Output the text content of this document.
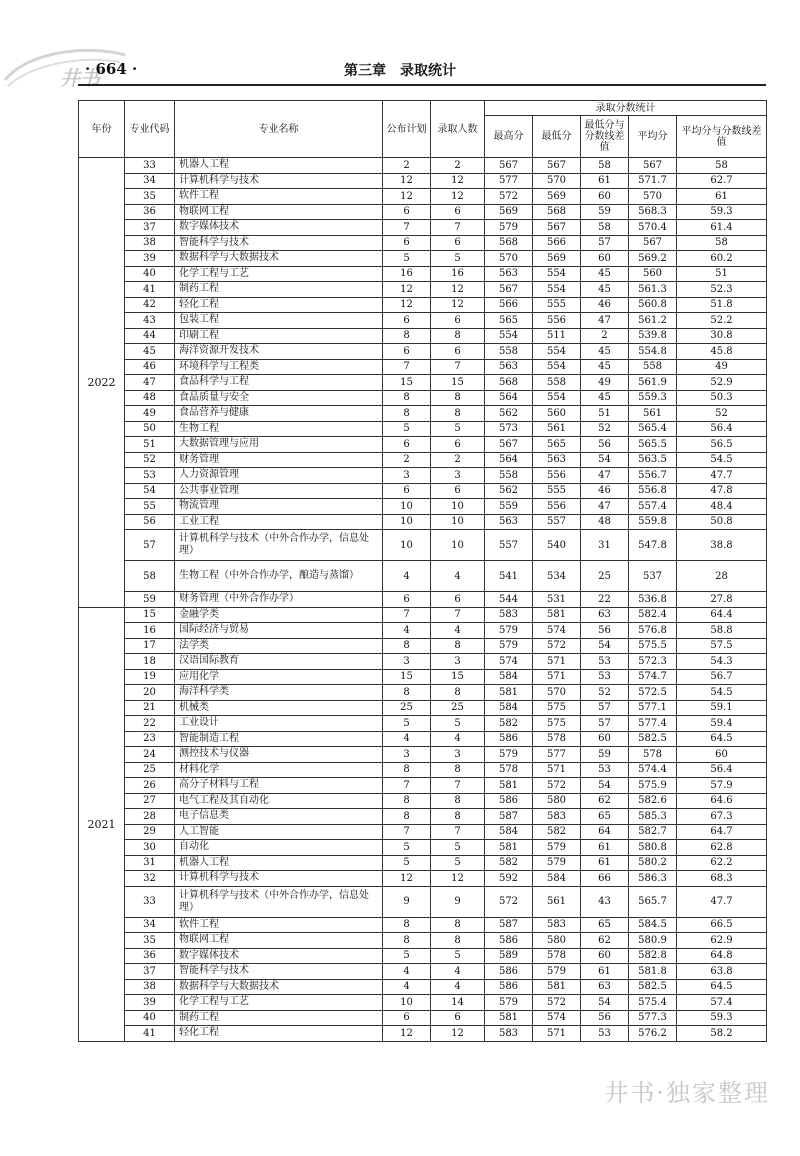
井书
· 664 ·	第三章　录取统计
年份	专业代码	专业名称	公布计划	录取人数	录取分数统计				
					最高分	最低分	最低分与分数线差值	平均分	平均分与分数线差值
2022	33	机器人工程	2	2	567	567	58	567	58
	34	计算机科学与技术	12	12	577	570	61	571.7	62.7
	35	软件工程	12	12	572	569	60	570	61
	36	物联网工程	6	6	569	568	59	568.3	59.3
	37	数字媒体技术	7	7	579	567	58	570.4	61.4
	38	智能科学与技术	6	6	568	566	57	567	58
	39	数据科学与大数据技术	5	5	570	569	60	569.2	60.2
	40	化学工程与工艺	16	16	563	554	45	560	51
	41	制药工程	12	12	567	554	45	561.3	52.3
	42	轻化工程	12	12	566	555	46	560.8	51.8
	43	包装工程	6	6	565	556	47	561.2	52.2
	44	印刷工程	8	8	554	511	2	539.8	30.8
	45	海洋资源开发技术	6	6	558	554	45	554.8	45.8
	46	环境科学与工程类	7	7	563	554	45	558	49
	47	食品科学与工程	15	15	568	558	49	561.9	52.9
	48	食品质量与安全	8	8	564	554	45	559.3	50.3
	49	食品营养与健康	8	8	562	560	51	561	52
	50	生物工程	5	5	573	561	52	565.4	56.4
	51	大数据管理与应用	6	6	567	565	56	565.5	56.5
	52	财务管理	2	2	564	563	54	563.5	54.5
	53	人力资源管理	3	3	558	556	47	556.7	47.7
	54	公共事业管理	6	6	562	555	46	556.8	47.8
	55	物流管理	10	10	559	556	47	557.4	48.4
	56	工业工程	10	10	563	557	48	559.8	50.8
	57	计算机科学与技术（中外合作办学，信息处理）	10	10	557	540	31	547.8	38.8
	58	生物工程（中外合作办学，酿造与蒸馏）	4	4	541	534	25	537	28
	59	财务管理（中外合作办学）	6	6	544	531	22	536.8	27.8
2021	15	金融学类	7	7	583	581	63	582.4	64.4
	16	国际经济与贸易	4	4	579	574	56	576.8	58.8
	17	法学类	8	8	579	572	54	575.5	57.5
	18	汉语国际教育	3	3	574	571	53	572.3	54.3
	19	应用化学	15	15	584	571	53	574.7	56.7
	20	海洋科学类	8	8	581	570	52	572.5	54.5
	21	机械类	25	25	584	575	57	577.1	59.1
	22	工业设计	5	5	582	575	57	577.4	59.4
	23	智能制造工程	4	4	586	578	60	582.5	64.5
	24	测控技术与仪器	3	3	579	577	59	578	60
	25	材料化学	8	8	578	571	53	574.4	56.4
	26	高分子材料与工程	7	7	581	572	54	575.9	57.9
	27	电气工程及其自动化	8	8	586	580	62	582.6	64.6
	28	电子信息类	8	8	587	583	65	585.3	67.3
	29	人工智能	7	7	584	582	64	582.7	64.7
	30	自动化	5	5	581	579	61	580.8	62.8
	31	机器人工程	5	5	582	579	61	580.2	62.2
	32	计算机科学与技术	12	12	592	584	66	586.3	68.3
	33	计算机科学与技术（中外合作办学，信息处理）	9	9	572	561	43	565.7	47.7
	34	软件工程	8	8	587	583	65	584.5	66.5
	35	物联网工程	8	8	586	580	62	580.9	62.9
	36	数字媒体技术	5	5	589	578	60	582.8	64.8
	37	智能科学与技术	4	4	586	579	61	581.8	63.8
	38	数据科学与大数据技术	4	4	586	581	63	582.5	64.5
	39	化学工程与工艺	10	14	579	572	54	575.4	57.4
	40	制药工程	6	6	581	574	56	577.3	59.3
	41	轻化工程	12	12	583	571	53	576.2	58.2
井书·独家整理
